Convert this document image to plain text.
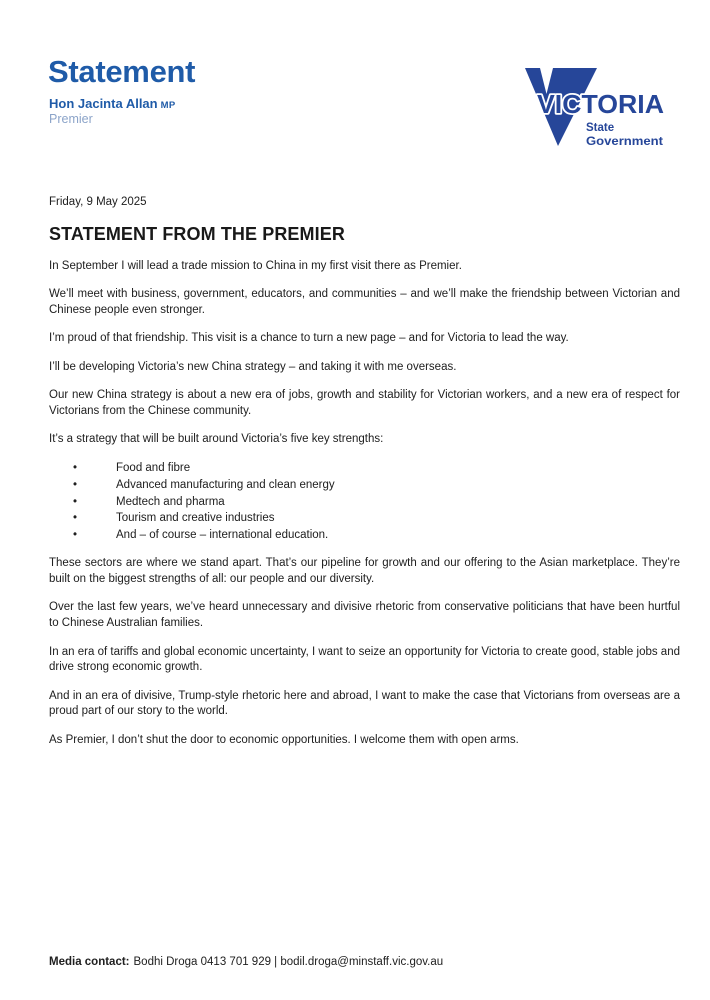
Statement
Hon Jacinta Allan MP
Premier	VICTORIA
State
Government

Friday, 9 May 2025

STATEMENT FROM THE PREMIER

In September I will lead a trade mission to China in my first visit there as Premier.

We’ll meet with business, government, educators, and communities – and we’ll make the friendship between Victorian and Chinese people even stronger.

I’m proud of that friendship. This visit is a chance to turn a new page – and for Victoria to lead the way.

I’ll be developing Victoria’s new China strategy – and taking it with me overseas.

Our new China strategy is about a new era of jobs, growth and stability for Victorian workers, and a new era of respect for Victorians from the Chinese community.

It’s a strategy that will be built around Victoria’s five key strengths:

•	Food and fibre
•	Advanced manufacturing and clean energy
•	Medtech and pharma
•	Tourism and creative industries
•	And – of course – international education.

These sectors are where we stand apart. That’s our pipeline for growth and our offering to the Asian marketplace. They’re built on the biggest strengths of all: our people and our diversity.

Over the last few years, we’ve heard unnecessary and divisive rhetoric from conservative politicians that have been hurtful to Chinese Australian families.

In an era of tariffs and global economic uncertainty, I want to seize an opportunity for Victoria to create good, stable jobs and drive strong economic growth.

And in an era of divisive, Trump-style rhetoric here and abroad, I want to make the case that Victorians from overseas are a proud part of our story to the world.

As Premier, I don’t shut the door to economic opportunities. I welcome them with open arms.

Media contact: Bodhi Droga 0413 701 929 | bodil.droga@minstaff.vic.gov.au
